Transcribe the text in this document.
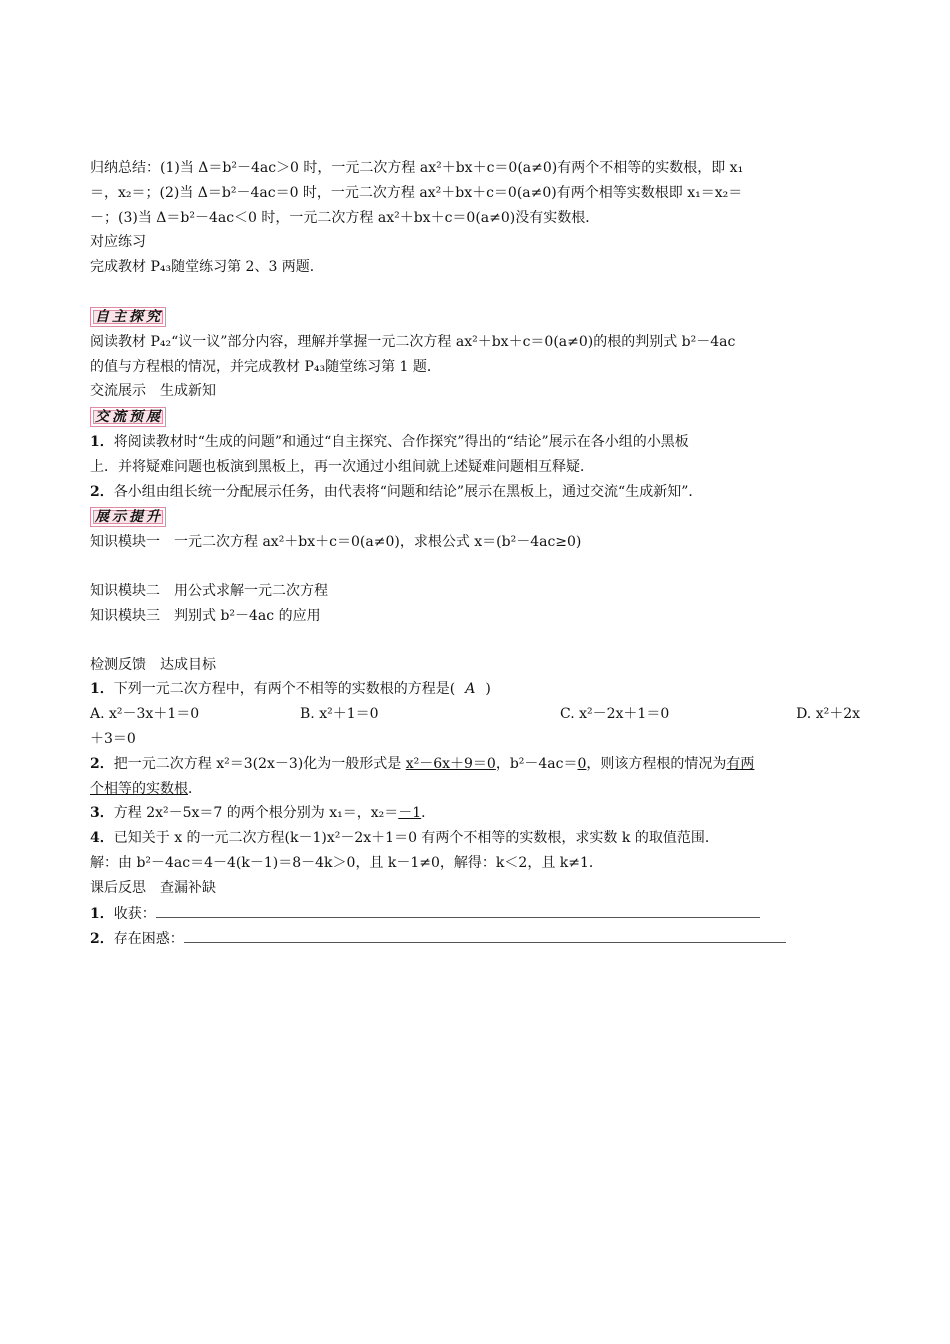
归纳总结：(1)当 Δ＝b²－4ac＞0 时，一元二次方程 ax²＋bx＋c＝0(a≠0)有两个不相等的实数根，即 x₁
＝，x₂＝；(2)当 Δ＝b²－4ac＝0 时，一元二次方程 ax²＋bx＋c＝0(a≠0)有两个相等实数根即 x₁＝x₂＝
－；(3)当 Δ＝b²－4ac＜0 时，一元二次方程 ax²＋bx＋c＝0(a≠0)没有实数根．
对应练习
完成教材 P₄₃随堂练习第 2、3 两题．
自主探究
阅读教材 P₄₂“议一议”部分内容，理解并掌握一元二次方程 ax²＋bx＋c＝0(a≠0)的根的判别式 b²－4ac
的值与方程根的情况，并完成教材 P₄₃随堂练习第 1 题．
交流展示　生成新知
交流预展
1．将阅读教材时“生成的问题”和通过“自主探究、合作探究”得出的“结论”展示在各小组的小黑板
上．并将疑难问题也板演到黑板上，再一次通过小组间就上述疑难问题相互释疑．
2．各小组由组长统一分配展示任务，由代表将“问题和结论”展示在黑板上，通过交流“生成新知”．
展示提升
知识模块一　一元二次方程 ax²＋bx＋c＝0(a≠0)，求根公式 x＝(b²－4ac≥0)
知识模块二　用公式求解一元二次方程
知识模块三　判别式 b²－4ac 的应用
检测反馈　达成目标
1．下列一元二次方程中，有两个不相等的实数根的方程是( A )
A. x²－3x＋1＝0	B. x²＋1＝0	C. x²－2x＋1＝0	D. x²＋2x
＋3＝0
2．把一元二次方程 x²＝3(2x－3)化为一般形式是 x²－6x＋9＝0，b²－4ac＝0，则该方程根的情况为有两
个相等的实数根．
3．方程 2x²－5x＝7 的两个根分别为 x₁＝，x₂＝－1．
4．已知关于 x 的一元二次方程(k－1)x²－2x＋1＝0 有两个不相等的实数根，求实数 k 的取值范围．
解：由 b²－4ac＝4－4(k－1)＝8－4k＞0，且 k－1≠0，解得：k＜2，且 k≠1．
课后反思　查漏补缺
1．收获：
2．存在困惑：
